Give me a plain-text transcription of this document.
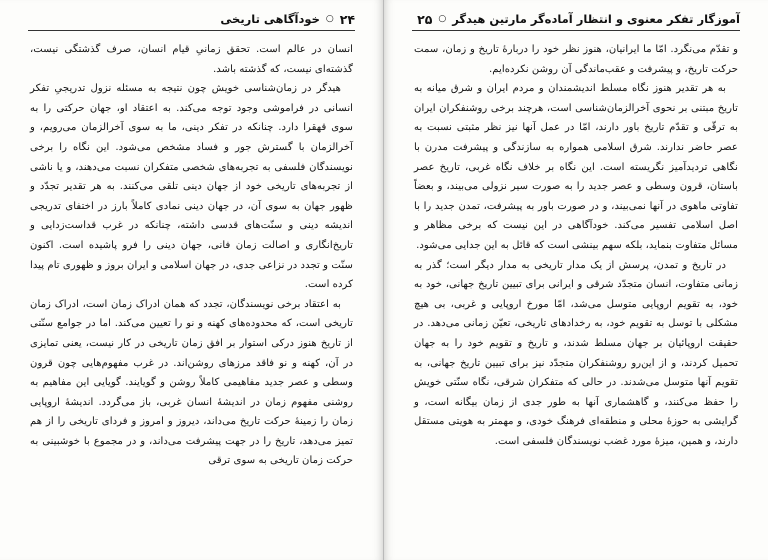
۲۴
○
خودآگاهی تاریخی

انسان در عالم است. تحقق زمانیِ قیام انسان، صرف گذشتگی نیست، گذشته‌ای نیست، که گذشته باشد.

هیدگر در زمان‌شناسی خویش چون نتیجه به مسئله نزول تدریجیِ تفکر انسانی در فراموشی وجود توجه می‌کند. به اعتقاد او، جهان حرکتی را به سوی قهقرا دارد. چنانکه در تفکر دینی، ما به سوی آخرالزمان می‌رویم، و آخرالزمان با گسترش جور و فساد مشخص می‌شود. این نگاه را برخی نویسندگان فلسفی به تجربه‌های شخصی متفکران نسبت می‌دهند، و یا ناشی از تجربه‌های تاریخی خود از جهان دینی تلقی می‌کنند. به هر تقدیر تجدّد و ظهور جهان به سوی آن، در جهان دینی نمادی کاملاً بارز در اختفای تدریجی اندیشه دینی و سنّت‌های قدسی داشته، چنانکه در غرب قداست‌زدایی و تاریخ‌انگاری و اصالت زمان فانی، جهان دینی را فرو پاشیده است. اکنون سنّت و تجدد در نزاعی جدی، در جهان اسلامی و ایران بروز و ظهوری تام پیدا کرده است.

به اعتقاد برخی نویسندگان، تجدد که همان ادراک زمان است، ادراک زمان تاریخی است، که محدوده‌های کهنه و نو را تعیین می‌کند. اما در جوامع سنّتی از تاریخ هنوز درکی استوار بر افق زمان تاریخی در کار نیست، یعنی تمایزی در آن، کهنه و نو فاقد مرزهای روشن‌اند. در غرب مفهوم‌هایی چون قرون وسطی و عصر جدید مفاهیمی کاملاً روشن و گویایند. گویایی این مفاهیم به روشنی مفهوم زمان در اندیشهٔ انسان غربی، باز می‌گردد. اندیشهٔ اروپایی زمان را زمینهٔ حرکت تاریخ می‌داند، دیروز و امروز و فردای تاریخی را از هم تمیز می‌دهد، تاریخ را در جهت پیشرفت می‌داند، و در مجموع با خوشبینی به حرکت زمان تاریخی به سوی ترقی

آموزگار تفکر معنوی و انتظار آماده‌گر مارتین هیدگر
○
۲۵

و تقدّم می‌نگرد. امّا ما ایرانیان، هنوز نظر خود را دربارهٔ تاریخ و زمان، سمت حرکت تاریخ، و پیشرفت و عقب‌ماندگی آن روشن نکرده‌ایم.

به هر تقدیر هنوز نگاه مسلط اندیشمندان و مردم ایران و شرق میانه به تاریخ مبتنی بر نحوی آخرالزمان‌شناسی است، هرچند برخی روشنفکران ایران به ترقّی و تقدّم تاریخ باور دارند، امّا در عمل آنها نیز نظر مثبتی نسبت به عصر حاضر ندارند. شرق اسلامی همواره به سازندگی و پیشرفت مدرن با نگاهی تردیدآمیز نگریسته است. این نگاه بر خلاف نگاه غربی، تاریخ عصر باستان، قرون وسطی و عصر جدید را به صورت سیر نزولی می‌بیند، و بعضاً تفاوتی ماهوی در آنها نمی‌بیند، و در صورت باور به پیشرفت، تمدن جدید را با اصل اسلامی تفسیر می‌کند. خودآگاهی در این نیست که برخی مظاهر و مسائل متفاوت بنماید، بلکه سهم بینشی است که قائل به این جدایی می‌شود.

در تاریخ و تمدن، پرسش از یک مدار تاریخی به مدار دیگر است؛ گذر به زمانی متفاوت، انسان متجدّد شرقی و ایرانی برای تبیین تاریخ جهانی، خود به خود، به تقویم اروپایی متوسل می‌شد، امّا مورخ اروپایی و غربی، بی هیچ مشکلی با توسل به تقویم خود، به رخدادهای تاریخی، تعیّن زمانی می‌دهد. در حقیقت اروپائیان بر جهان مسلط شدند، و تاریخ و تقویم خود را به جهان تحمیل کردند، و از این‌رو روشنفکران متجدّد نیز برای تبیین تاریخ جهانی، به تقویم آنها متوسل می‌شدند. در حالی که متفکران شرقی، نگاه سنّتی خویش را حفظ می‌کنند، و گاهشماری آنها به طور جدی از زمان بیگانه است، و گرایشی به حوزهٔ محلی و منطقه‌ای فرهنگ خودی، و مهمتر به هویتی مستقل دارند، و همین، میزهٔ مورد غضب نویسندگان فلسفی است.
